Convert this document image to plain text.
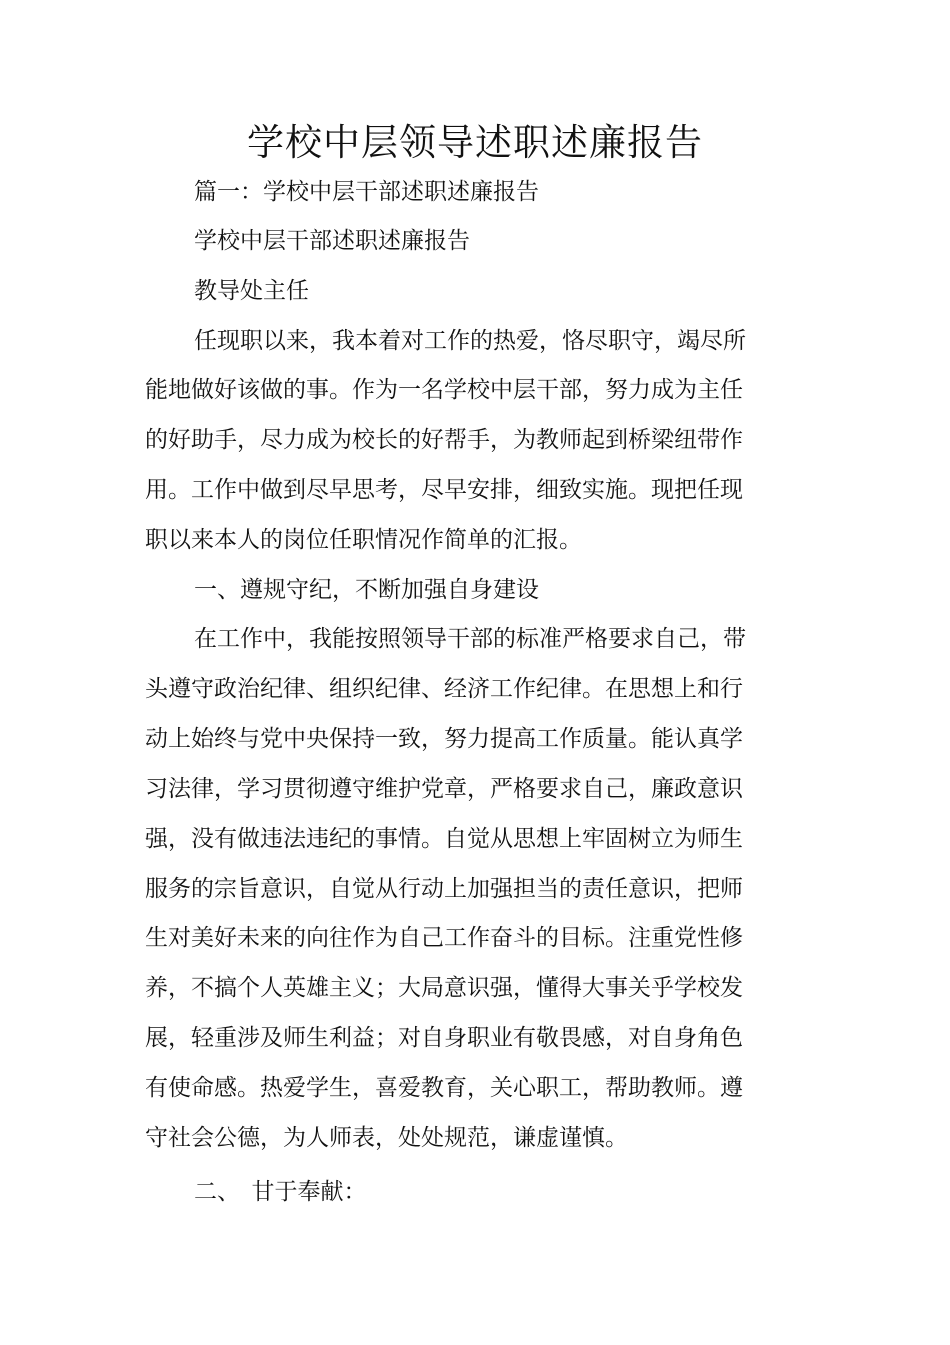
学校中层领导述职述廉报告
篇一：学校中层干部述职述廉报告
学校中层干部述职述廉报告
教导处主任
任现职以来，我本着对工作的热爱，恪尽职守，竭尽所
能地做好该做的事。作为一名学校中层干部，努力成为主任
的好助手，尽力成为校长的好帮手，为教师起到桥梁纽带作
用。工作中做到尽早思考，尽早安排，细致实施。现把任现
职以来本人的岗位任职情况作简单的汇报。
一、遵规守纪，不断加强自身建设
在工作中，我能按照领导干部的标准严格要求自己，带
头遵守政治纪律、组织纪律、经济工作纪律。在思想上和行
动上始终与党中央保持一致，努力提高工作质量。能认真学
习法律，学习贯彻遵守维护党章，严格要求自己，廉政意识
强，没有做违法违纪的事情。自觉从思想上牢固树立为师生
服务的宗旨意识，自觉从行动上加强担当的责任意识，把师
生对美好未来的向往作为自己工作奋斗的目标。注重党性修
养，不搞个人英雄主义；大局意识强，懂得大事关乎学校发
展，轻重涉及师生利益；对自身职业有敬畏感，对自身角色
有使命感。热爱学生，喜爱教育，关心职工，帮助教师。遵
守社会公德，为人师表，处处规范，谦虚谨慎。
二、　甘于奉献：
